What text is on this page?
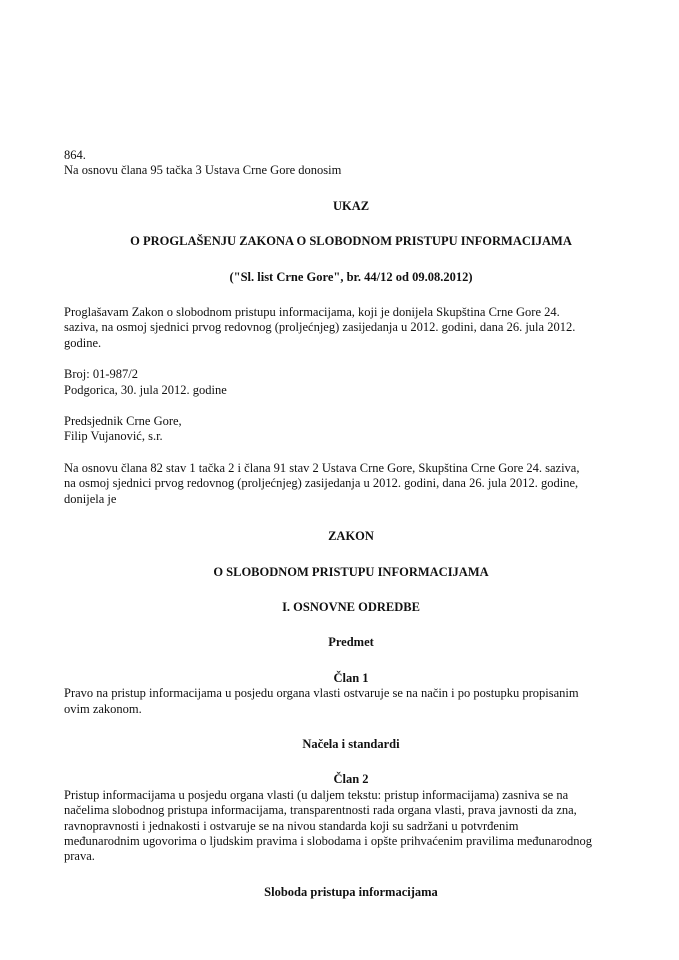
864.

Na osnovu člana 95 tačka 3 Ustava Crne Gore donosim

UKAZ
O PROGLAŠENJU ZAKONA O SLOBODNOM PRISTUPU INFORMACIJAMA
("Sl. list Crne Gore", br. 44/12 od 09.08.2012)
Proglašavam Zakon o slobodnom pristupu informacijama, koji je donijela Skupština Crne Gore 24.
saziva, na osmoj sjednici prvog redovnog (proljećnjeg) zasijedanja u 2012. godini, dana 26. jula 2012.
godine.
Broj: 01-987/2
Podgorica, 30. jula 2012. godine
Predsjednik Crne Gore,
Filip Vujanović, s.r.
Na osnovu člana 82 stav 1 tačka 2 i člana 91 stav 2 Ustava Crne Gore, Skupština Crne Gore 24. saziva,
na osmoj sjednici prvog redovnog (proljećnjeg) zasijedanja u 2012. godini, dana 26. jula 2012. godine,
donijela je
ZAKON
O SLOBODNOM PRISTUPU INFORMACIJAMA
I. OSNOVNE ODREDBE
Predmet
Član 1
Pravo na pristup informacijama u posjedu organa vlasti ostvaruje se na način i po postupku propisanim
ovim zakonom.
Načela i standardi
Član 2
Pristup informacijama u posjedu organa vlasti (u daljem tekstu: pristup informacijama) zasniva se na
načelima slobodnog pristupa informacijama, transparentnosti rada organa vlasti, prava javnosti da zna,
ravnopravnosti i jednakosti i ostvaruje se na nivou standarda koji su sadržani u potvrđenim
međunarodnim ugovorima o ljudskim pravima i slobodama i opšte prihvaćenim pravilima međunarodnog
prava.
Sloboda pristupa informacijama
